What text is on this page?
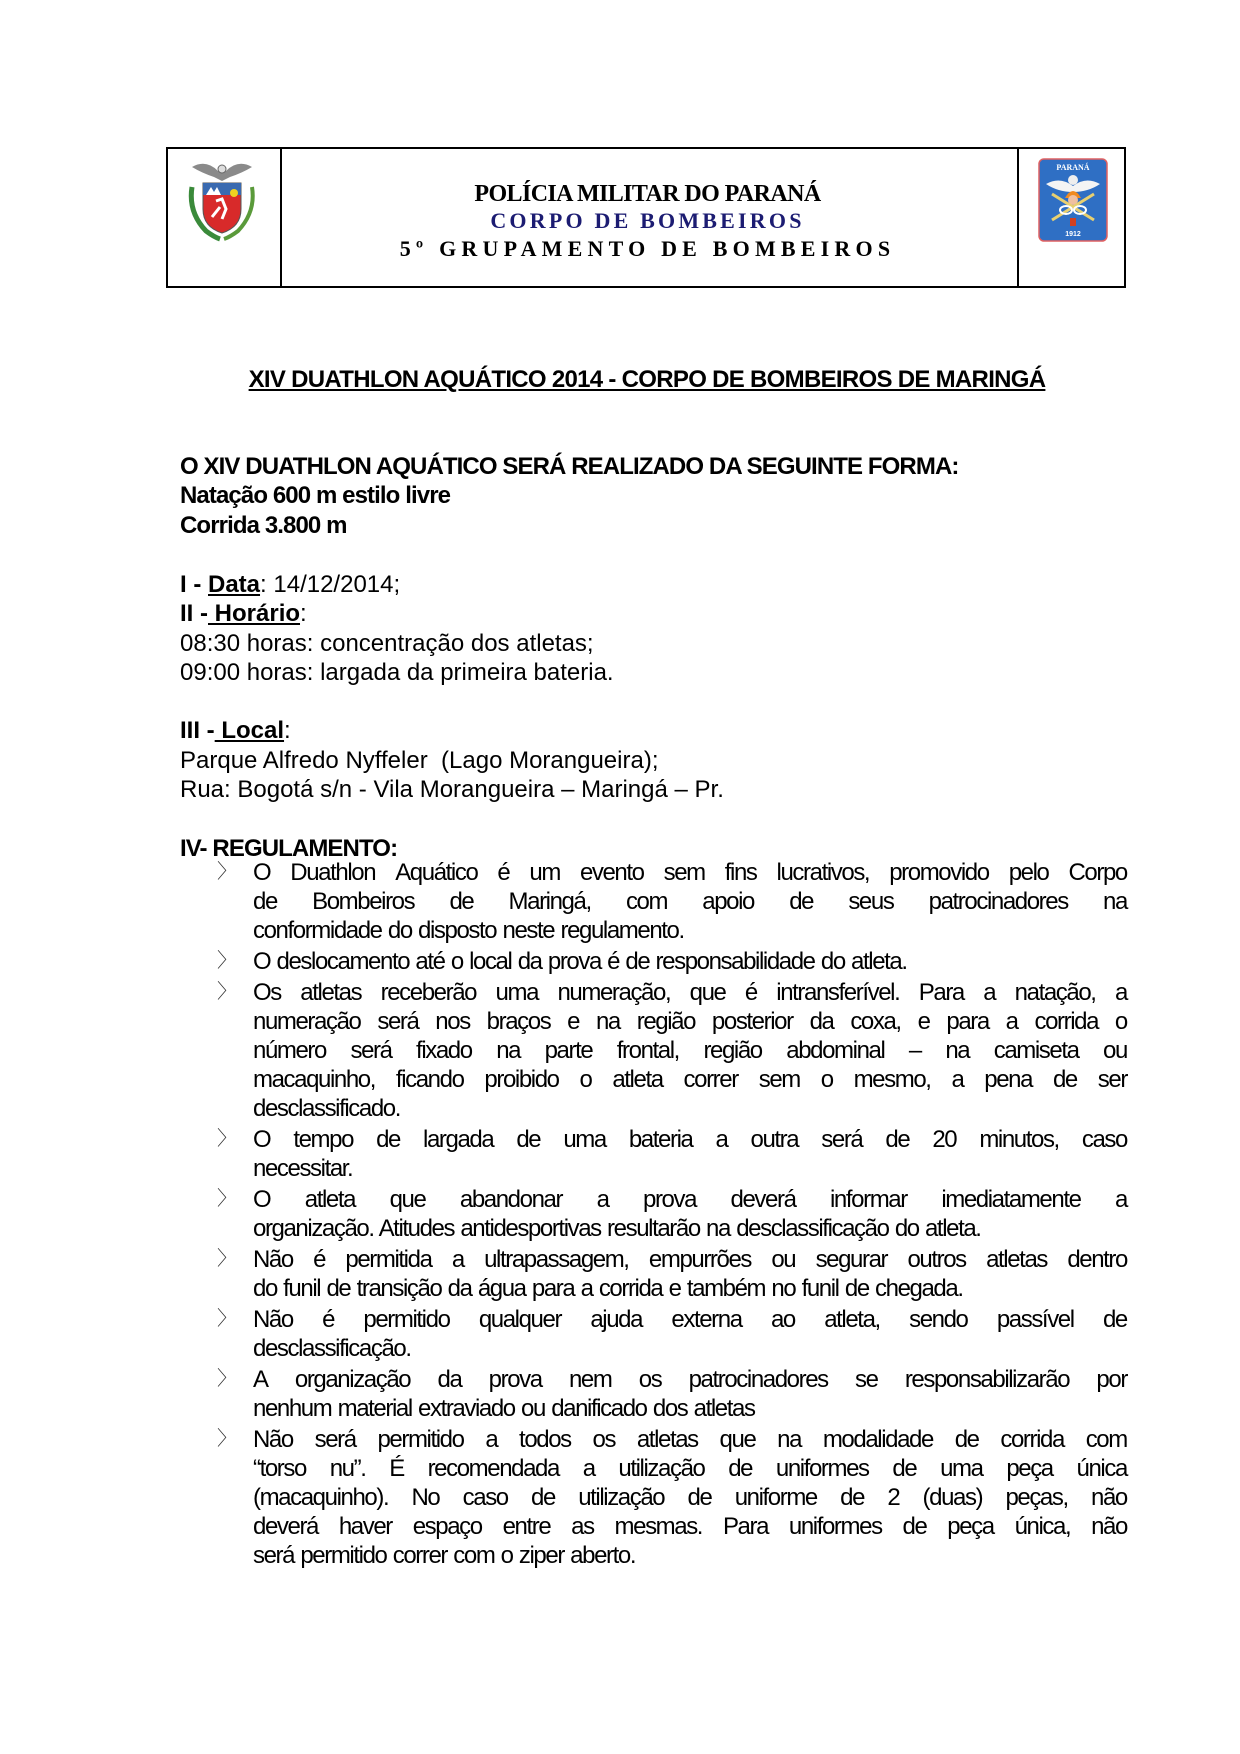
POLÍCIA MILITAR DO PARANÁ
CORPO DE BOMBEIROS
5º GRUPAMENTO DE BOMBEIROS
PARANÁ
1912
XIV DUATHLON AQUÁTICO 2014 - CORPO DE BOMBEIROS DE MARINGÁ
O XIV DUATHLON AQUÁTICO SERÁ REALIZADO DA SEGUINTE FORMA:
Natação 600 m estilo livre
Corrida 3.800 m
I - Data: 14/12/2014;
II - Horário:
08:30 horas: concentração dos atletas;
09:00 horas: largada da primeira bateria.
III - Local:
Parque Alfredo Nyffeler  (Lago Morangueira);
Rua: Bogotá s/n - Vila Morangueira – Maringá – Pr.
IV- REGULAMENTO:
〉 O Duathlon Aquático é um evento sem fins lucrativos, promovido pelo Corpo
de Bombeiros de Maringá, com apoio de seus patrocinadores na
conformidade do disposto neste regulamento.
〉 O deslocamento até o local da prova é de responsabilidade do atleta.
〉 Os atletas receberão uma numeração, que é intransferível. Para a natação, a
numeração será nos braços e na região posterior da coxa, e para a corrida o
número será fixado na parte frontal, região abdominal – na camiseta ou
macaquinho, ficando proibido o atleta correr sem o mesmo, a pena de ser
desclassificado.
〉 O tempo de largada de uma bateria a outra será de 20 minutos, caso
necessitar.
〉 O atleta que abandonar a prova deverá informar imediatamente a
organização. Atitudes antidesportivas resultarão na desclassificação do atleta.
〉 Não é permitida a ultrapassagem, empurrões ou segurar outros atletas dentro
do funil de transição da água para a corrida e também no funil de chegada.
〉 Não é permitido qualquer ajuda externa ao atleta, sendo passível de
desclassificação.
〉 A organização da prova nem os patrocinadores se responsabilizarão por
nenhum material extraviado ou danificado dos atletas
〉 Não será permitido a todos os atletas que na modalidade de corrida com
“torso nu”. É recomendada a utilização de uniformes de uma peça única
(macaquinho). No caso de utilização de uniforme de 2 (duas) peças, não
deverá haver espaço entre as mesmas. Para uniformes de peça única, não
será permitido correr com o ziper aberto.
